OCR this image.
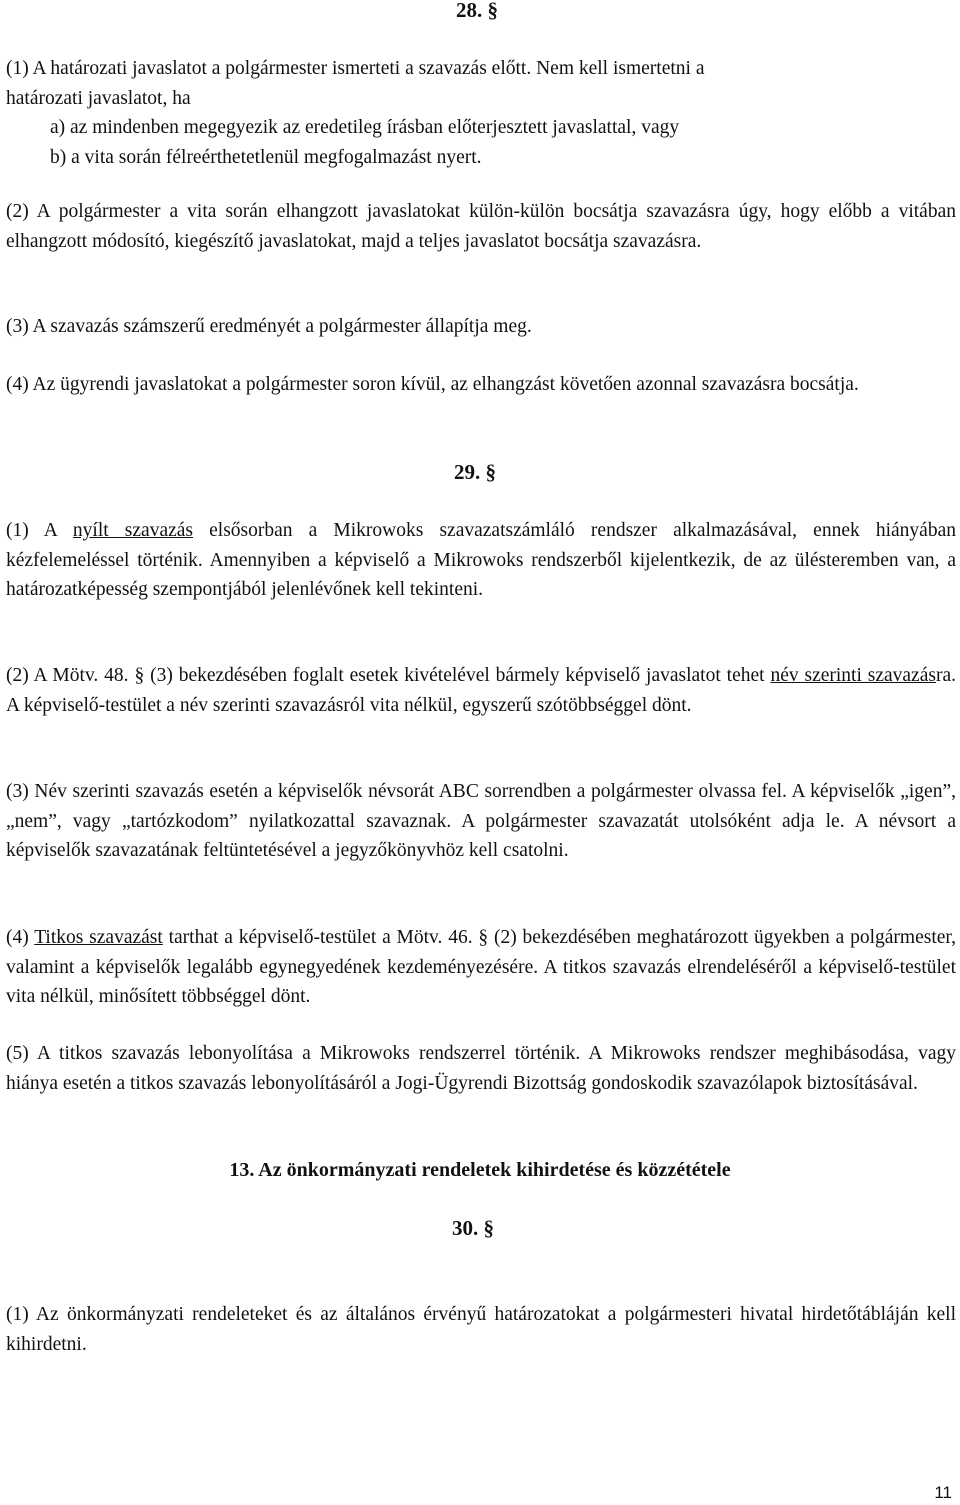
28. §
(1) A határozati javaslatot a polgármester ismerteti a szavazás előtt. Nem kell ismertetni a
határozati javaslatot, ha
a) az mindenben megegyezik az eredetileg írásban előterjesztett javaslattal, vagy
b) a vita során félreérthetetlenül megfogalmazást nyert.

(2) A polgármester a vita során elhangzott javaslatokat külön-külön bocsátja szavazásra úgy, hogy előbb a vitában elhangzott módosító, kiegészítő javaslatokat, majd a teljes javaslatot bocsátja szavazásra.

(3) A szavazás számszerű eredményét a polgármester állapítja meg.

(4) Az ügyrendi javaslatokat a polgármester soron kívül, az elhangzást követően azonnal szavazásra bocsátja.

29. §

(1) A nyílt szavazás elsősorban a Mikrowoks szavazatszámláló rendszer alkalmazásával, ennek hiányában kézfelemeléssel történik. Amennyiben a képviselő a Mikrowoks rendszerből kijelentkezik, de az ülésteremben van, a határozatképesség szempontjából jelenlévőnek kell tekinteni.

(2) A Mötv. 48. § (3) bekezdésében foglalt esetek kivételével bármely képviselő javaslatot tehet név szerinti szavazásra. A képviselő-testület a név szerinti szavazásról vita nélkül, egyszerű szótöbbséggel dönt.

(3) Név szerinti szavazás esetén a képviselők névsorát ABC sorrendben a polgármester olvassa fel. A képviselők „igen”, „nem”, vagy „tartózkodom” nyilatkozattal szavaznak. A polgármester szavazatát utolsóként adja le. A névsort a képviselők szavazatának feltüntetésével a jegyzőkönyvhöz kell csatolni.

(4) Titkos szavazást tarthat a képviselő-testület a Mötv. 46. § (2) bekezdésében meghatározott ügyekben a polgármester, valamint a képviselők legalább egynegyedének kezdeményezésére. A titkos szavazás elrendeléséről a képviselő-testület vita nélkül, minősített többséggel dönt.

(5) A titkos szavazás lebonyolítása a Mikrowoks rendszerrel történik. A Mikrowoks rendszer meghibásodása, vagy hiánya esetén a titkos szavazás lebonyolításáról a Jogi-Ügyrendi Bizottság gondoskodik szavazólapok biztosításával.

13. Az önkormányzati rendeletek kihirdetése és közzététele

30. §

(1) Az önkormányzati rendeleteket és az általános érvényű határozatokat a polgármesteri hivatal hirdetőtábláján kell kihirdetni.

11
